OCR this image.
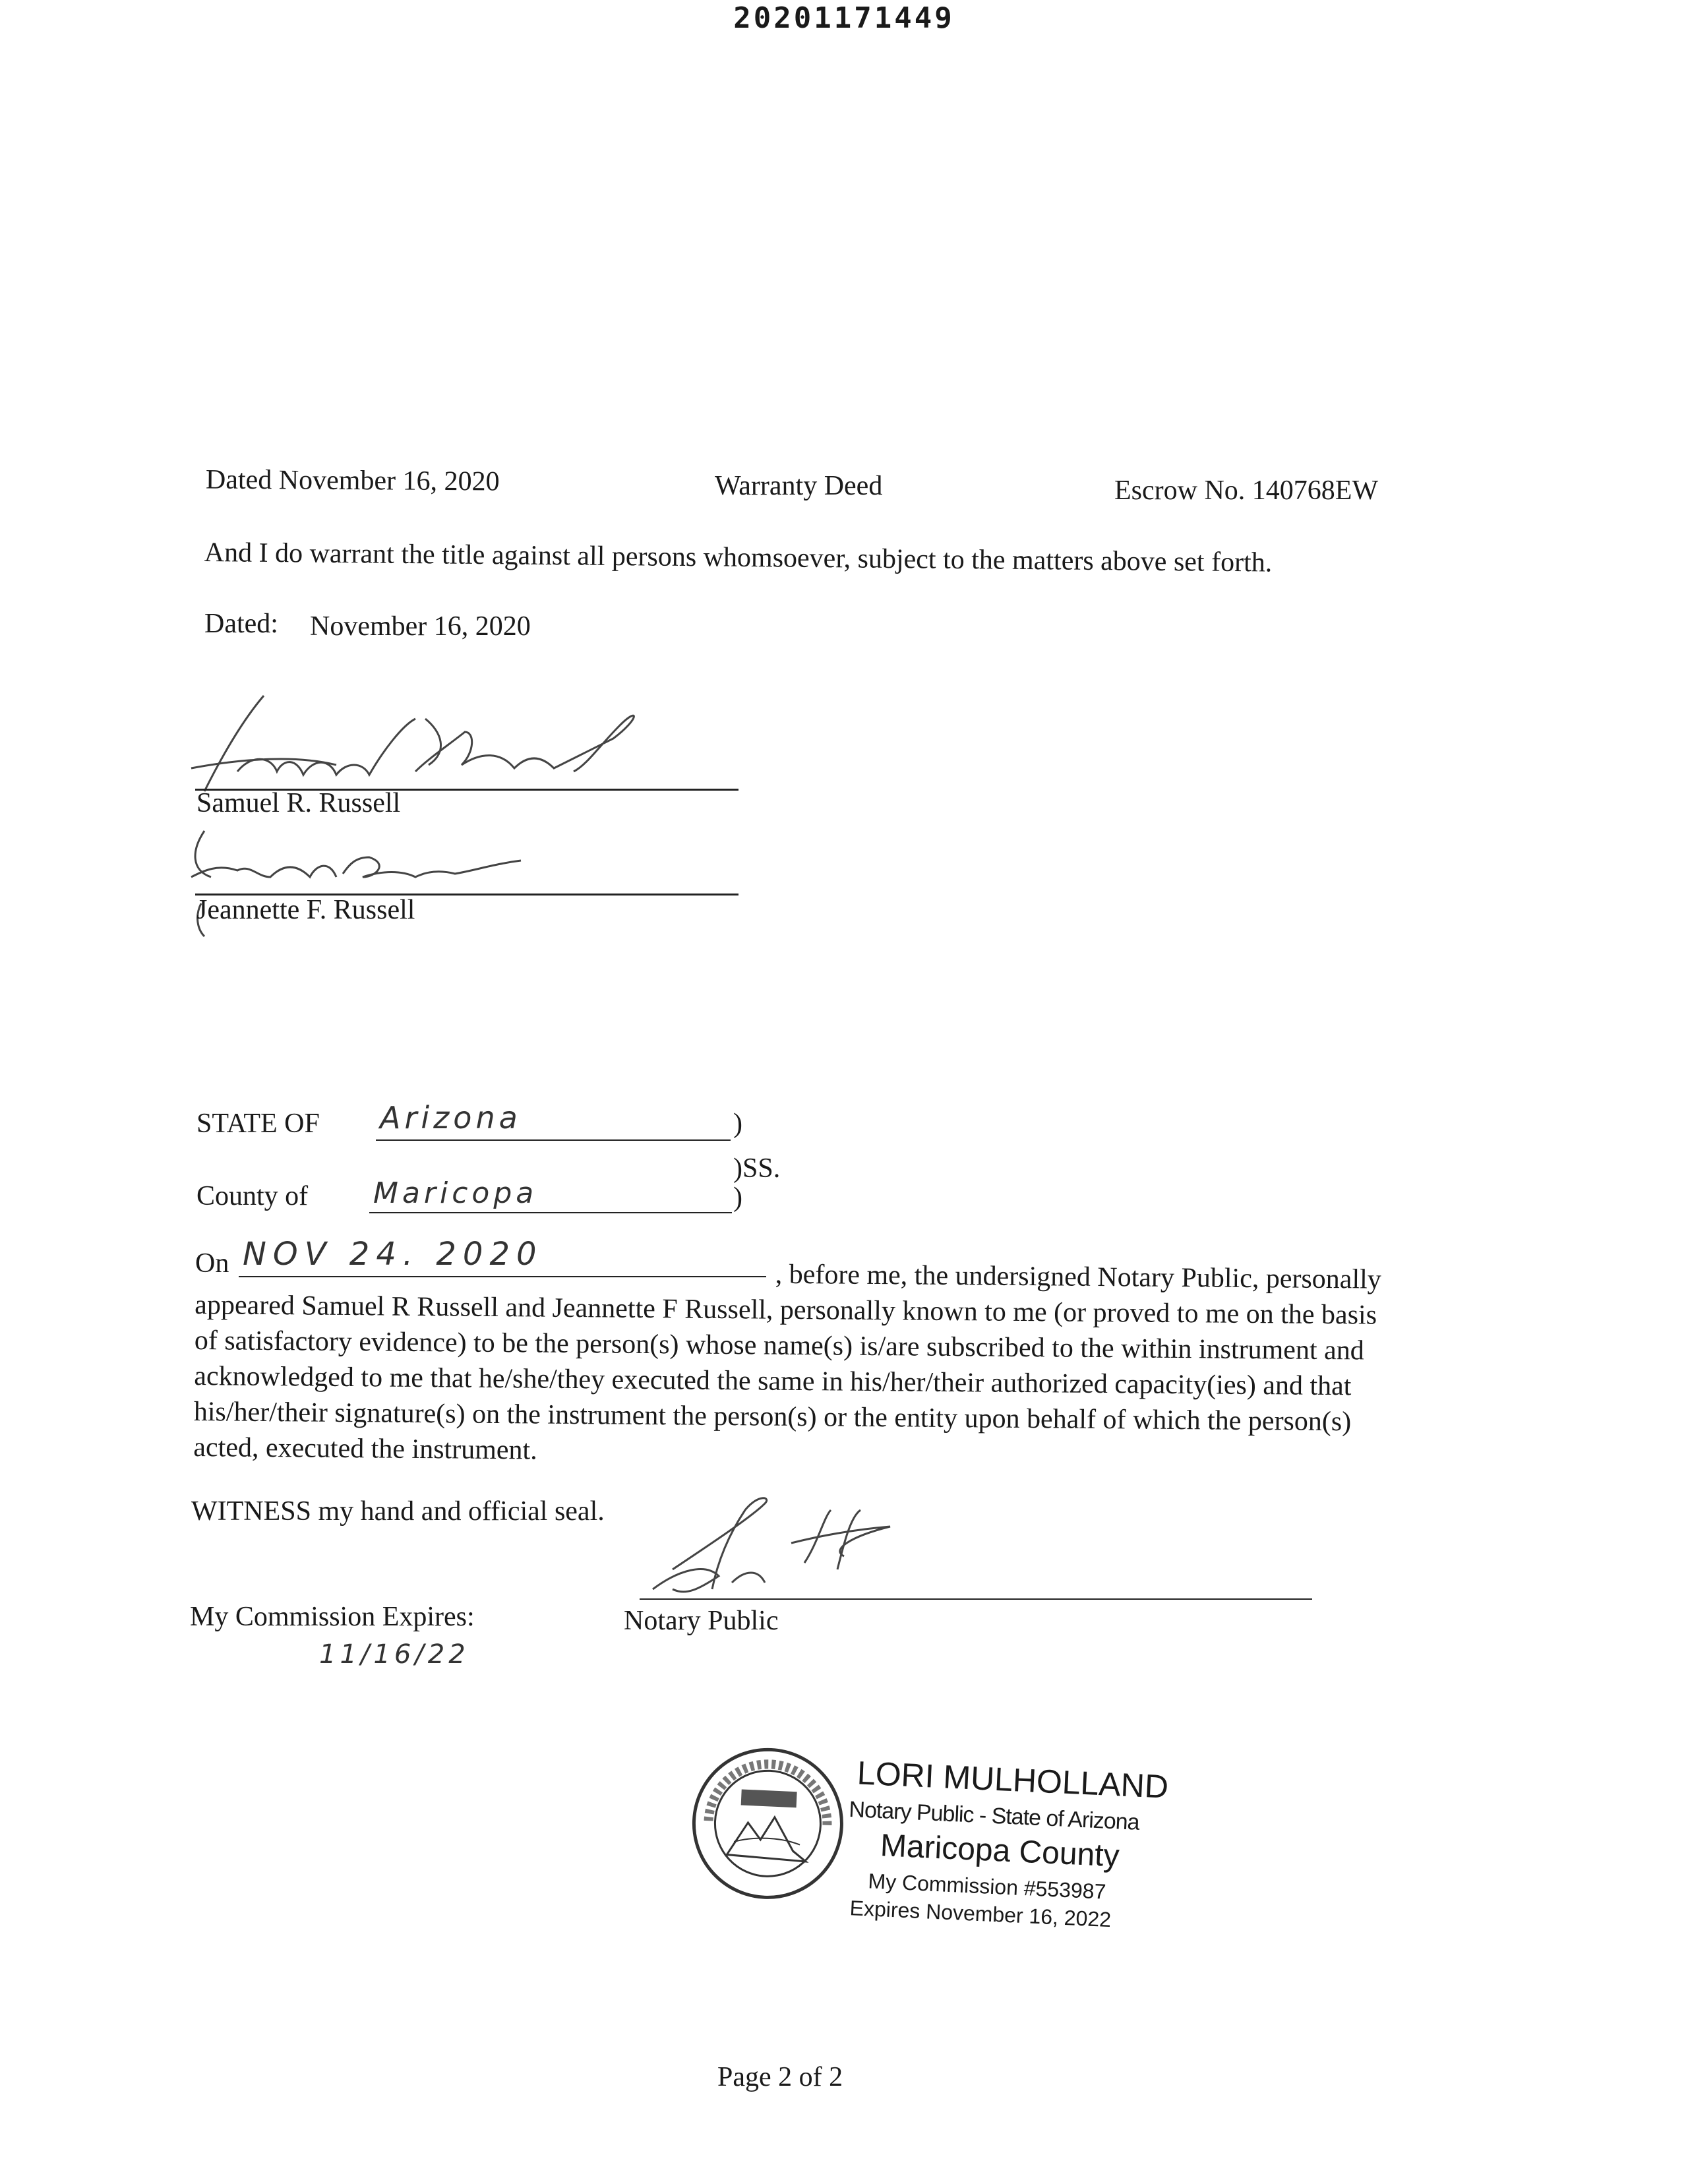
20201171449
Dated November 16, 2020	Warranty Deed	Escrow No. 140768EW
And I do warrant the title against all persons whomsoever, subject to the matters above set forth.
Dated: November 16, 2020
Samuel R. Russell
Jeannette F. Russell
STATE OF Arizona	)
)SS.
County of Maricopa	)
On NOV 24. 2020
, before me, the undersigned Notary Public, personally appeared Samuel R Russell and Jeannette F Russell, personally known to me (or proved to me on the basis of satisfactory evidence) to be the person(s) whose name(s) is/are subscribed to the within instrument and acknowledged to me that he/she/they executed the same in his/her/their authorized capacity(ies) and that his/her/their signature(s) on the instrument the person(s) or the entity upon behalf of which the person(s) acted, executed the instrument.
WITNESS my hand and official seal.
My Commission Expires:
11/16/22
Notary Public
LORI MULHOLLAND
Notary Public - State of Arizona
Maricopa County
My Commission #553987
Expires November 16, 2022
Page 2 of 2
